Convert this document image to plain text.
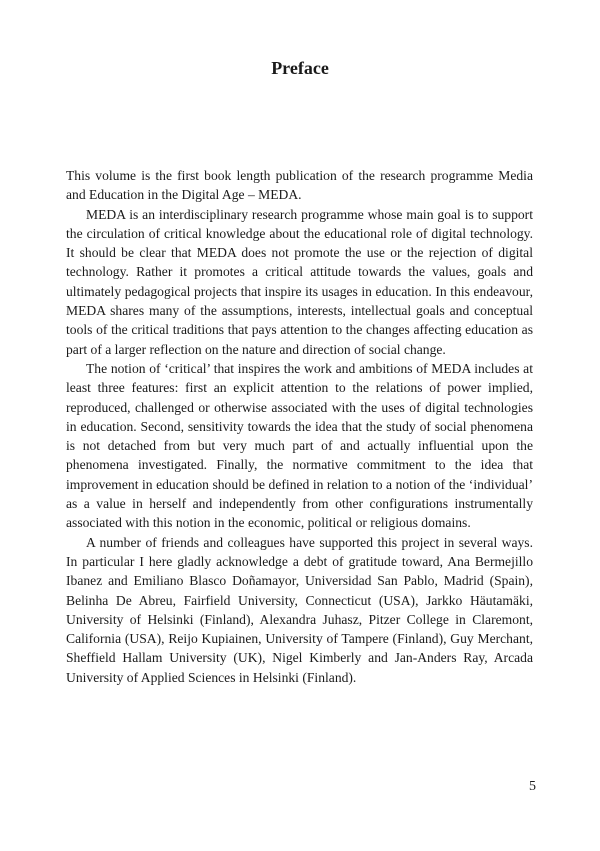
Preface

This volume is the first book length publication of the research programme Media and Education in the Digital Age – MEDA.

MEDA is an interdisciplinary research programme whose main goal is to support the circulation of critical knowledge about the educational role of digital technology. It should be clear that MEDA does not promote the use or the rejection of digital technology. Rather it promotes a critical attitude towards the values, goals and ultimately pedagogical projects that inspire its usages in education. In this endeavour, MEDA shares many of the assumptions, interests, intellectual goals and conceptual tools of the critical traditions that pays attention to the changes affecting education as part of a larger reflection on the nature and direction of social change.

The notion of ‘critical’ that inspires the work and ambitions of MEDA includes at least three features: first an explicit attention to the relations of power implied, reproduced, challenged or otherwise associated with the uses of digital technologies in education. Second, sensitivity towards the idea that the study of social phenomena is not detached from but very much part of and actually influential upon the phenomena investigated. Finally, the normative commitment to the idea that improvement in education should be defined in relation to a notion of the ‘individual’ as a value in herself and independently from other configurations instrumentally associated with this notion in the economic, political or religious domains.

A number of friends and colleagues have supported this project in several ways. In particular I here gladly acknowledge a debt of gratitude toward, Ana Bermejillo Ibanez and Emiliano Blasco Doñamayor, Universidad San Pablo, Madrid (Spain), Belinha De Abreu, Fairfield University, Connecticut (USA), Jarkko Häutamäki, University of Helsinki (Finland), Alexandra Juhasz, Pitzer College in Claremont, California (USA), Reijo Kupiainen, University of Tampere (Finland), Guy Merchant, Sheffield Hallam University (UK), Nigel Kimberly and Jan-Anders Ray, Arcada University of Applied Sciences in Helsinki (Finland).

5
